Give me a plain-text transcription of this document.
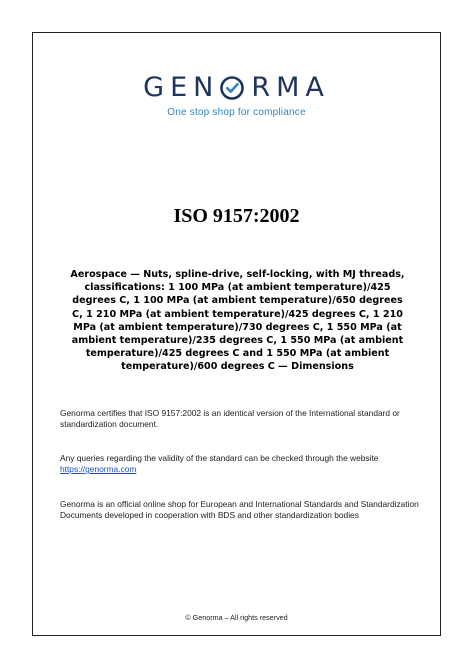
GEN RMA
One stop shop for compliance
ISO 9157:2002
Aerospace — Nuts, spline-drive, self-locking, with MJ threads, classifications: 1 100 MPa (at ambient temperature)/425 degrees C, 1 100 MPa (at ambient temperature)/650 degrees C, 1 210 MPa (at ambient temperature)/425 degrees C, 1 210 MPa (at ambient temperature)/730 degrees C, 1 550 MPa (at ambient temperature)/235 degrees C, 1 550 MPa (at ambient temperature)/425 degrees C and 1 550 MPa (at ambient temperature)/600 degrees C — Dimensions
Genorma certifies that ISO 9157:2002 is an identical version of the International standard or standardization document.
Any queries regarding the validity of the standard can be checked through the website
https://genorma.com
Genorma is an official online shop for European and International Standards and Standardization Documents developed in cooperation with BDS and other standardization bodies
© Genorma – All rights reserved
